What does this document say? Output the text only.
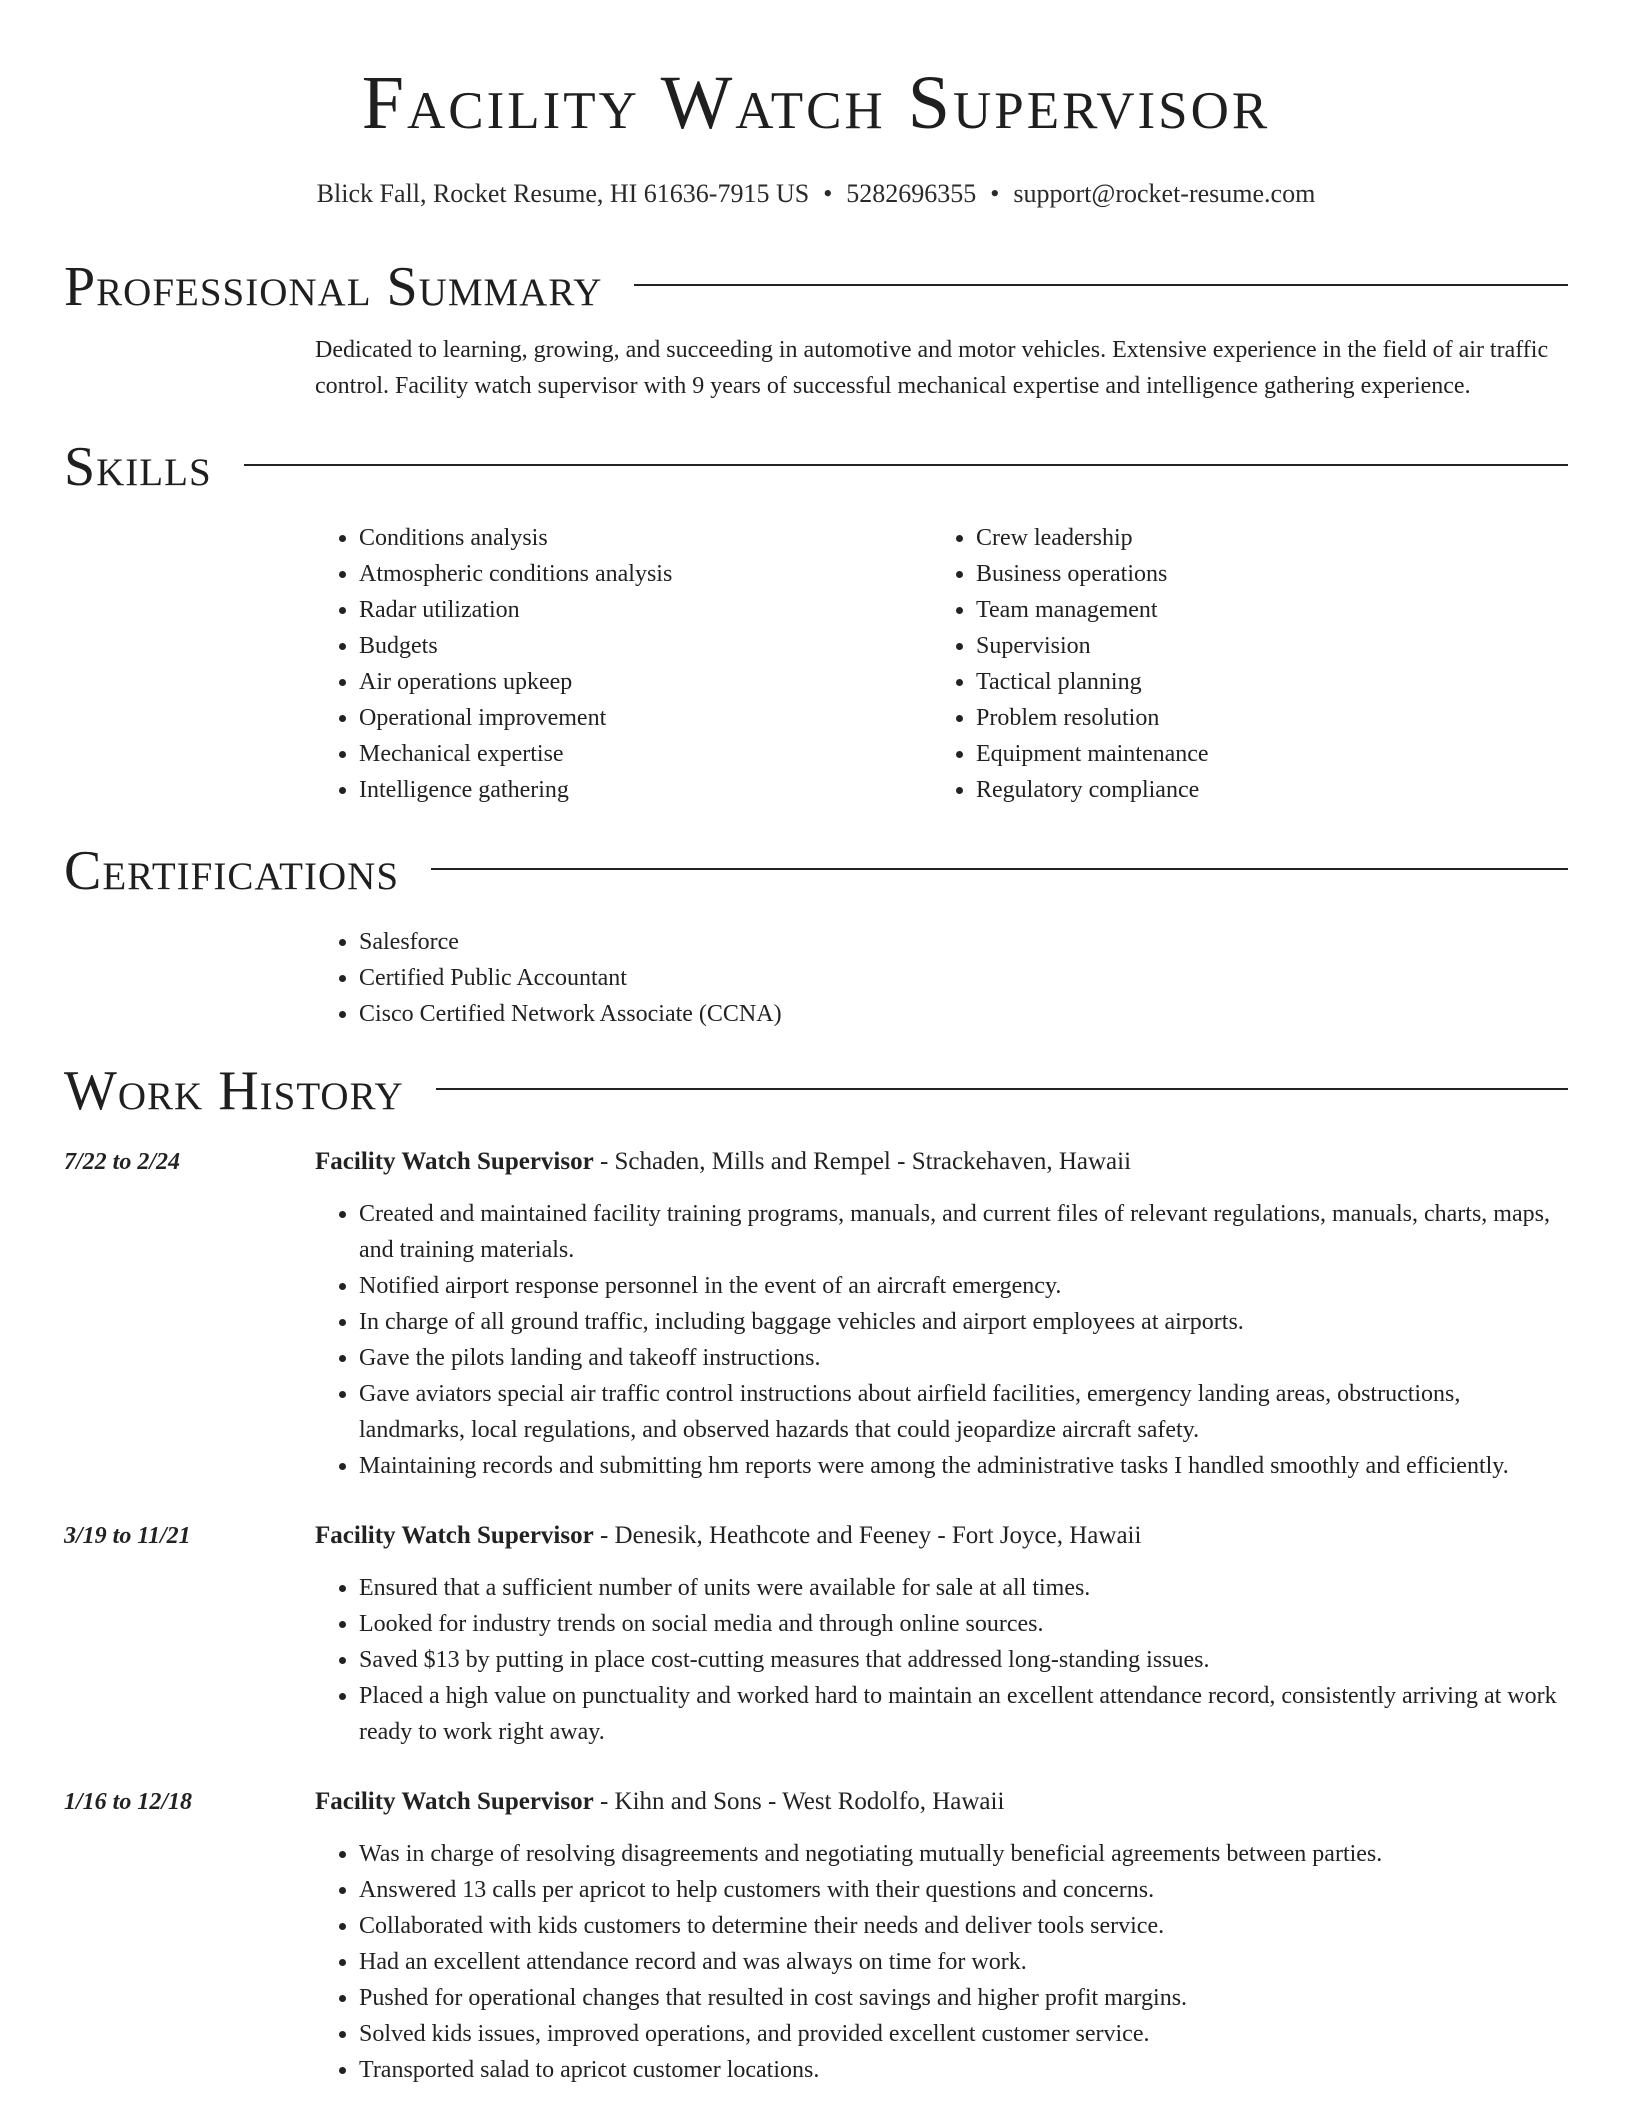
Facility Watch Supervisor
Blick Fall, Rocket Resume, HI 61636-7915 US • 5282696355 • support@rocket-resume.com
Professional Summary

Dedicated to learning, growing, and succeeding in automotive and motor vehicles. Extensive experience in the field of air traffic control. Facility watch supervisor with 9 years of successful mechanical expertise and intelligence gathering experience.

Skills
• Conditions analysis
• Atmospheric conditions analysis
• Radar utilization
• Budgets
• Air operations upkeep
• Operational improvement
• Mechanical expertise
• Intelligence gathering
• Crew leadership
• Business operations
• Team management
• Supervision
• Tactical planning
• Problem resolution
• Equipment maintenance
• Regulatory compliance
Certifications
• Salesforce
• Certified Public Accountant
• Cisco Certified Network Associate (CCNA)
Work History
7/22 to 2/24	Facility Watch Supervisor - Schaden, Mills and Rempel - Strackehaven, Hawaii

• Created and maintained facility training programs, manuals, and current files of relevant regulations, manuals, charts, maps, and training materials.
• Notified airport response personnel in the event of an aircraft emergency.
• In charge of all ground traffic, including baggage vehicles and airport employees at airports.
• Gave the pilots landing and takeoff instructions.
• Gave aviators special air traffic control instructions about airfield facilities, emergency landing areas, obstructions, landmarks, local regulations, and observed hazards that could jeopardize aircraft safety.
• Maintaining records and submitting hm reports were among the administrative tasks I handled smoothly and efficiently.
3/19 to 11/21	Facility Watch Supervisor - Denesik, Heathcote and Feeney - Fort Joyce, Hawaii

• Ensured that a sufficient number of units were available for sale at all times.
• Looked for industry trends on social media and through online sources.
• Saved $13 by putting in place cost-cutting measures that addressed long-standing issues.
• Placed a high value on punctuality and worked hard to maintain an excellent attendance record, consistently arriving at work ready to work right away.
1/16 to 12/18	Facility Watch Supervisor - Kihn and Sons - West Rodolfo, Hawaii

• Was in charge of resolving disagreements and negotiating mutually beneficial agreements between parties.
• Answered 13 calls per apricot to help customers with their questions and concerns.
• Collaborated with kids customers to determine their needs and deliver tools service.
• Had an excellent attendance record and was always on time for work.
• Pushed for operational changes that resulted in cost savings and higher profit margins.
• Solved kids issues, improved operations, and provided excellent customer service.
• Transported salad to apricot customer locations.
